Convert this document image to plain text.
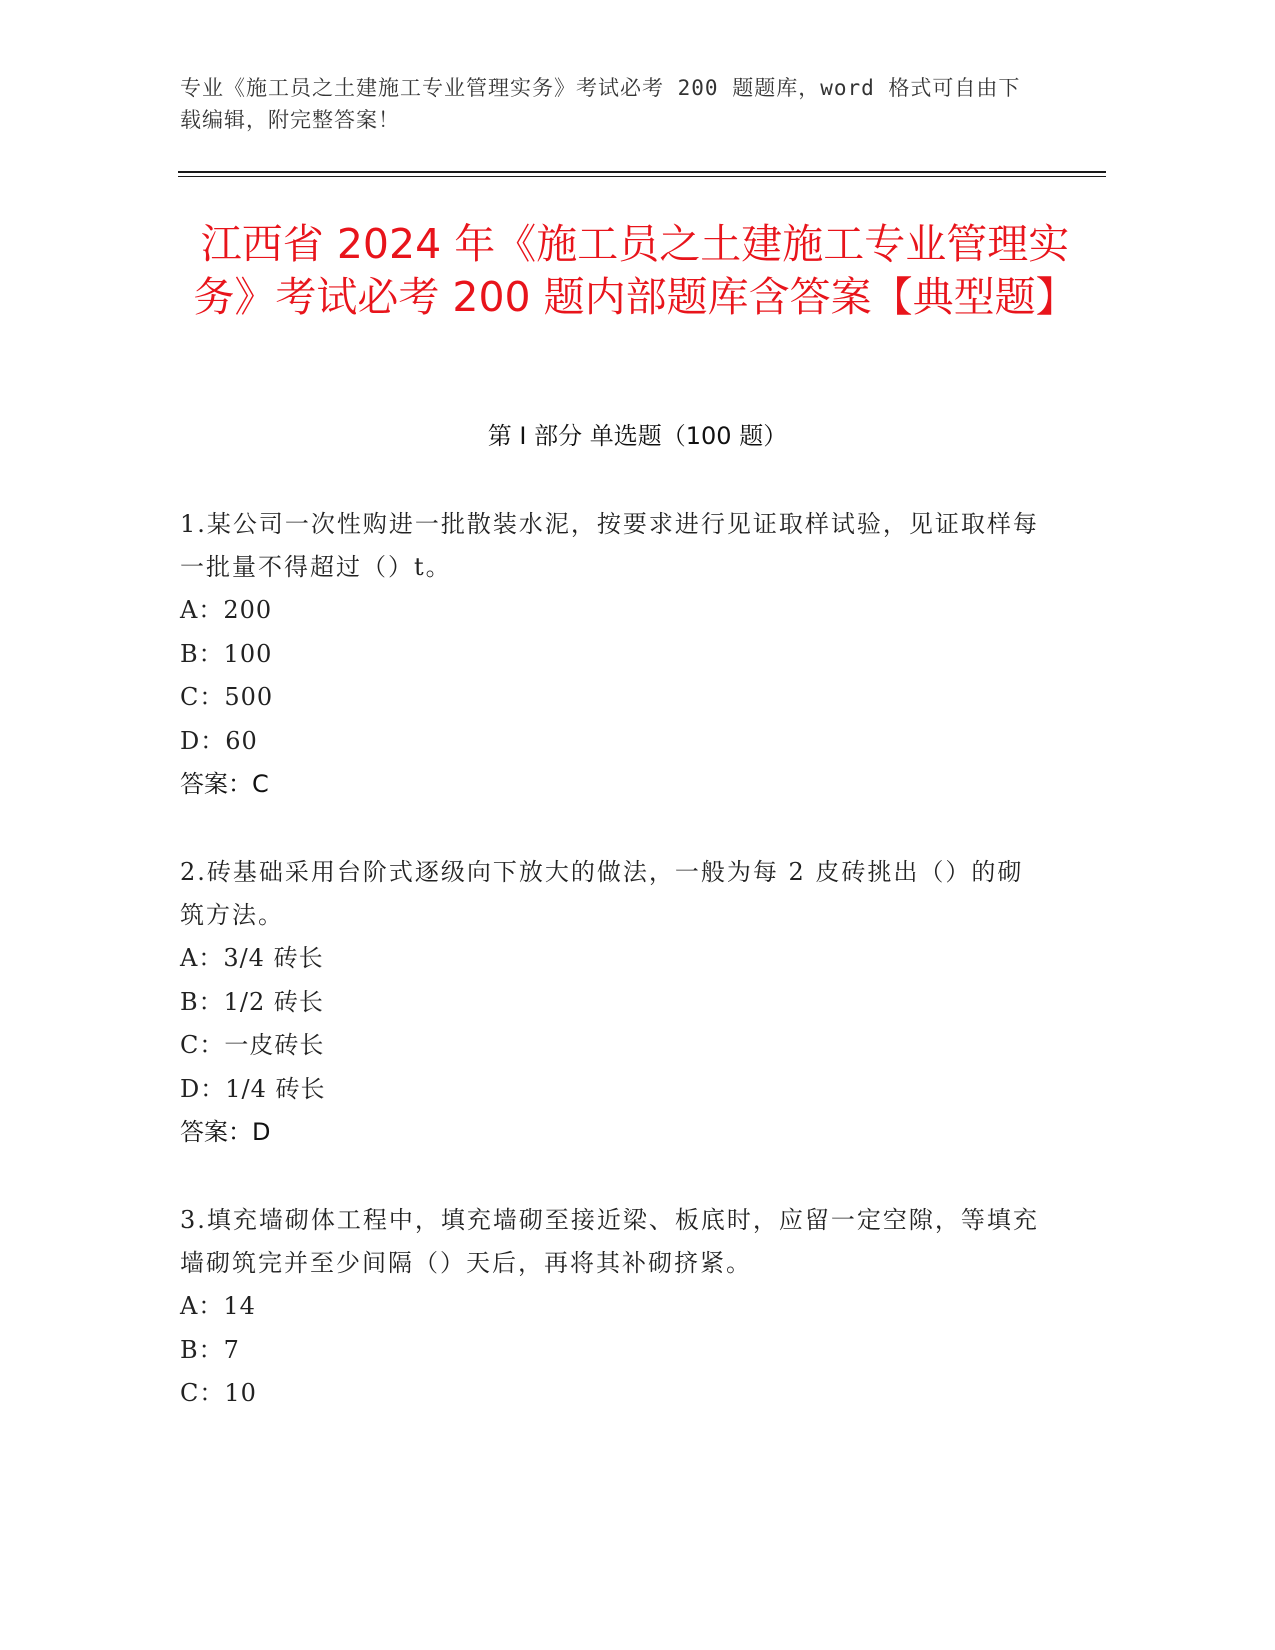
专业《施工员之土建施工专业管理实务》考试必考 200 题题库，word 格式可自由下载编辑，附完整答案！
江西省 2024 年《施工员之土建施工专业管理实务》考试必考 200 题内部题库含答案【典型题】
第 I 部分 单选题（100 题）
1.某公司一次性购进一批散装水泥，按要求进行见证取样试验，见证取样每一批量不得超过（）t。
A：200
B：100
C：500
D：60
答案：C
2.砖基础采用台阶式逐级向下放大的做法，一般为每 2 皮砖挑出（）的砌筑方法。
A：3/4 砖长
B：1/2 砖长
C：一皮砖长
D：1/4 砖长
答案：D
3.填充墙砌体工程中，填充墙砌至接近梁、板底时，应留一定空隙，等填充墙砌筑完并至少间隔（）天后，再将其补砌挤紧。
A：14
B：7
C：10
